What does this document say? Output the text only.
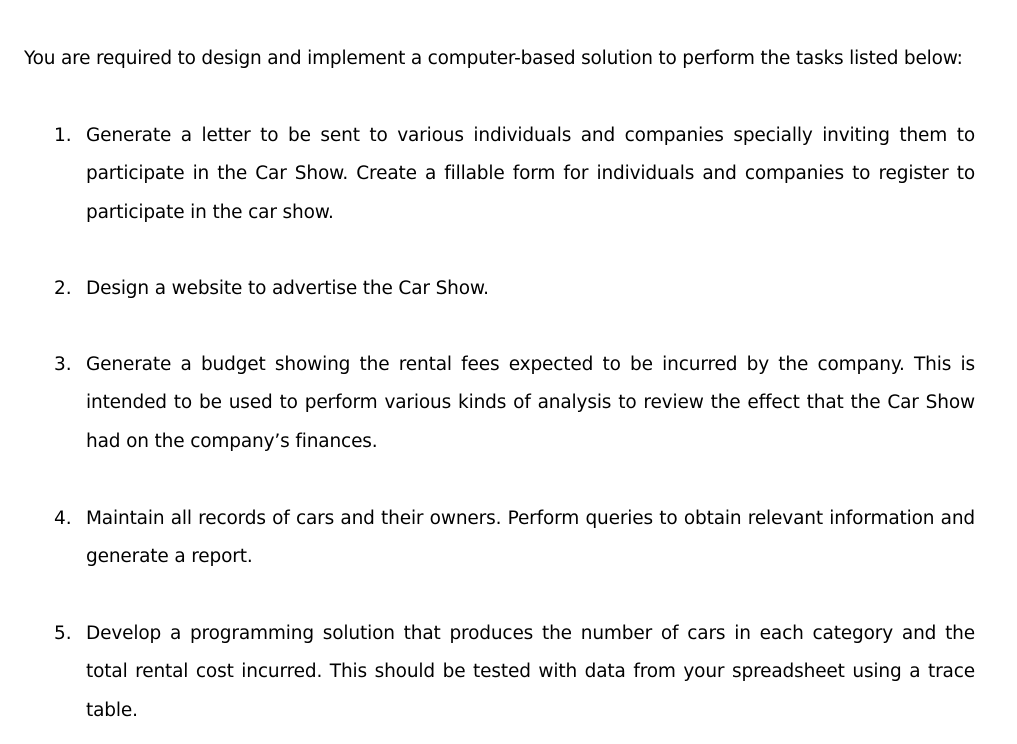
You are required to design and implement a computer-based solution to perform the tasks listed below:

1. Generate a letter to be sent to various individuals and companies specially inviting them to participate in the Car Show. Create a fillable form for individuals and companies to register to participate in the car show.
2. Design a website to advertise the Car Show.
3. Generate a budget showing the rental fees expected to be incurred by the company. This is intended to be used to perform various kinds of analysis to review the effect that the Car Show had on the company’s finances.
4. Maintain all records of cars and their owners. Perform queries to obtain relevant information and generate a report.
5. Develop a programming solution that produces the number of cars in each category and the total rental cost incurred. This should be tested with data from your spreadsheet using a trace table.
